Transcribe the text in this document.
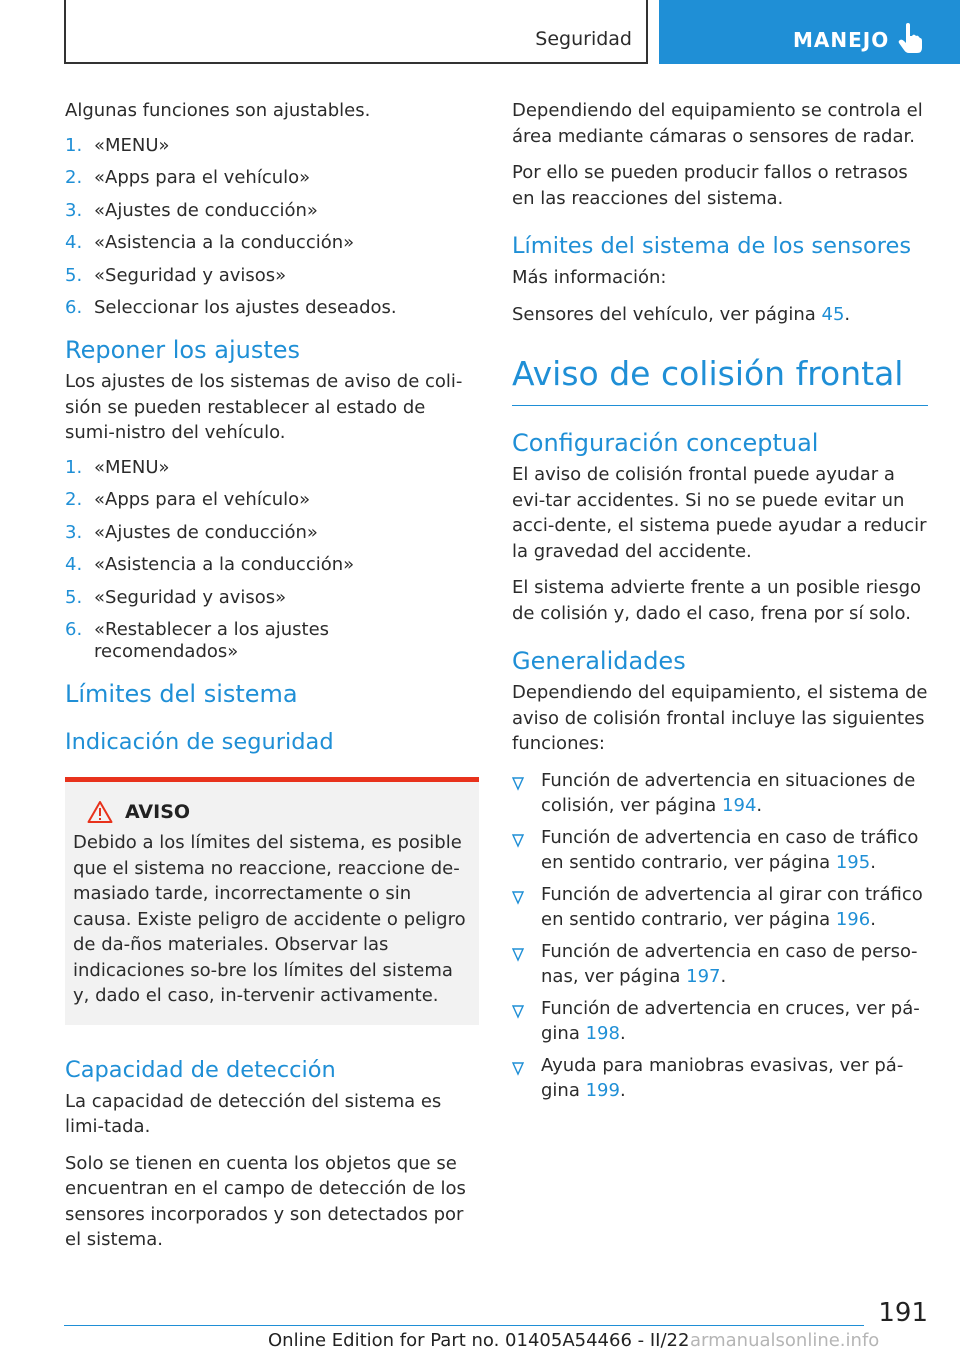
Seguridad	MANEJO

Algunas funciones son ajustables.

1. «MENU»
2. «Apps para el vehículo»
3. «Ajustes de conducción»
4. «Asistencia a la conducción»
5. «Seguridad y avisos»
6. Seleccionar los ajustes deseados.
Reponer los ajustes

Los ajustes de los sistemas de aviso de coli‐sión se pueden restablecer al estado de sumi‐nistro del vehículo.

1. «MENU»
2. «Apps para el vehículo»
3. «Ajustes de conducción»
4. «Asistencia a la conducción»
5. «Seguridad y avisos»
6. «Restablecer a los ajustes recomendados»
Límites del sistema
Indicación de seguridad
AVISO

Debido a los límites del sistema, es posible que el sistema no reaccione, reaccione de‐masiado tarde, incorrectamente o sin causa. Existe peligro de accidente o peligro de da‐ños materiales. Observar las indicaciones so‐bre los límites del sistema y, dado el caso, in‐tervenir activamente.

Capacidad de detección

La capacidad de detección del sistema es limi‐tada.

Solo se tienen en cuenta los objetos que se encuentran en el campo de detección de los sensores incorporados y son detectados por el sistema.

Dependiendo del equipamiento se controla el área mediante cámaras o sensores de radar.

Por ello se pueden producir fallos o retrasos en las reacciones del sistema.

Límites del sistema de los sensores

Más información:

Sensores del vehículo, ver página 45.

Aviso de colisión frontal
Configuración conceptual

El aviso de colisión frontal puede ayudar a evi‐tar accidentes. Si no se puede evitar un acci‐dente, el sistema puede ayudar a reducir la gravedad del accidente.

El sistema advierte frente a un posible riesgo de colisión y, dado el caso, frena por sí solo.

Generalidades

Dependiendo del equipamiento, el sistema de aviso de colisión frontal incluye las siguientes funciones:

Función de advertencia en situaciones de colisión, ver página 194.
Función de advertencia en caso de tráfico en sentido contrario, ver página 195.
Función de advertencia al girar con tráfico en sentido contrario, ver página 196.
Función de advertencia en caso de perso‐nas, ver página 197.
Función de advertencia en cruces, ver pá‐gina 198.
Ayuda para maniobras evasivas, ver pá‐gina 199.
191
Online Edition for Part no. 01405A54466 - II/22 armanualsonline.info
